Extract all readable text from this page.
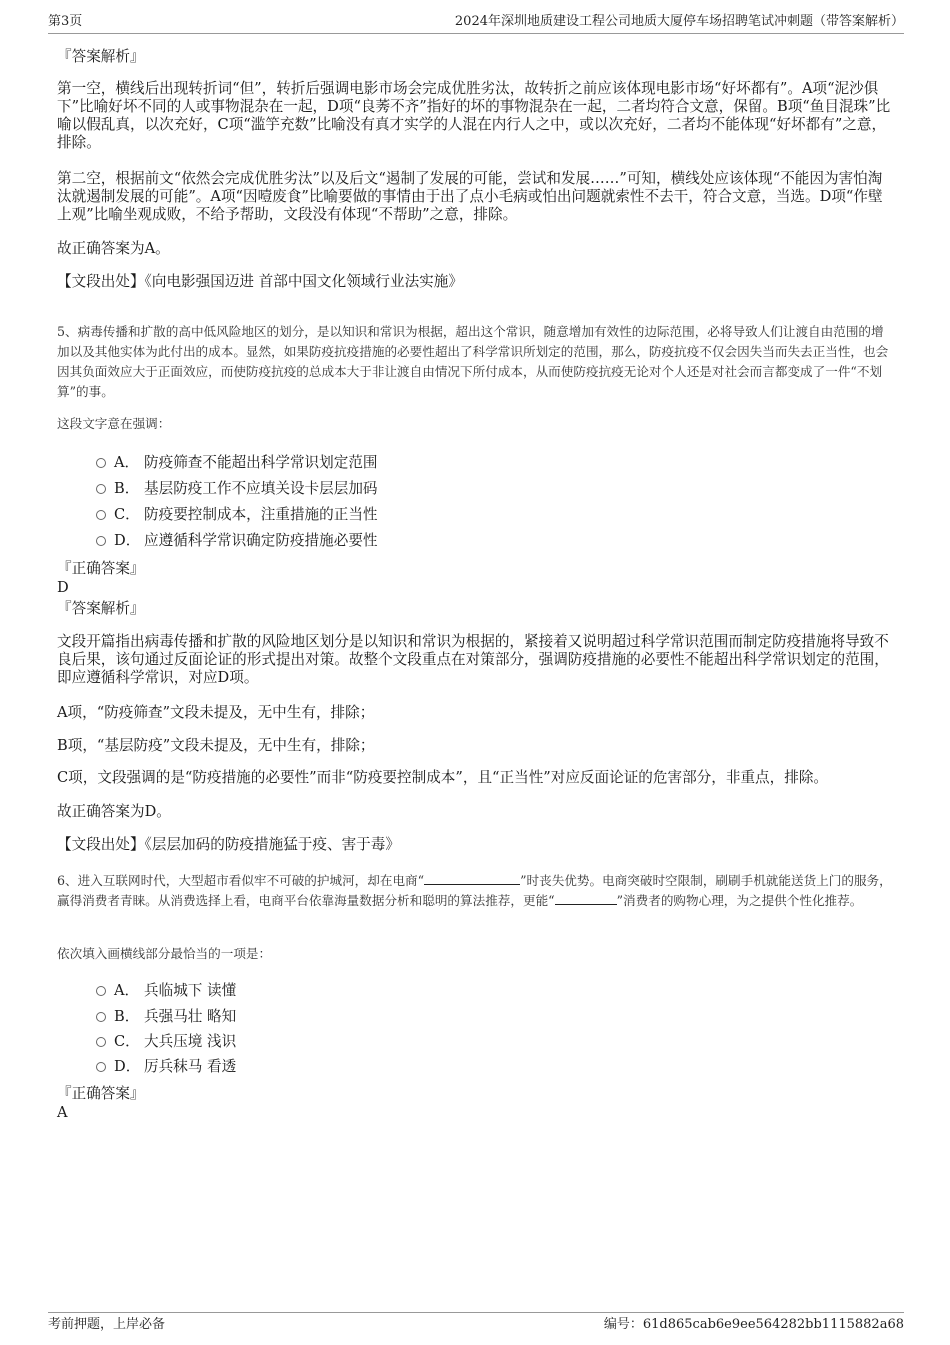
第3页	2024年深圳地质建设工程公司地质大厦停车场招聘笔试冲刺题（带答案解析）
『答案解析』
第一空，横线后出现转折词“但”，转折后强调电影市场会完成优胜劣汰，故转折之前应该体现电影市场“好坏都有”。A项“泥沙俱下”比喻好坏不同的人或事物混杂在一起，D项“良莠不齐”指好的坏的事物混杂在一起，二者均符合文意，保留。B项“鱼目混珠”比喻以假乱真，以次充好，C项“滥竽充数”比喻没有真才实学的人混在内行人之中，或以次充好，二者均不能体现“好坏都有”之意，排除。
第二空，根据前文“依然会完成优胜劣汰”以及后文“遏制了发展的可能，尝试和发展……”可知，横线处应该体现“不能因为害怕淘汰就遏制发展的可能”。A项“因噎废食”比喻要做的事情由于出了点小毛病或怕出问题就索性不去干，符合文意，当选。D项“作壁上观”比喻坐观成败，不给予帮助，文段没有体现“不帮助”之意，排除。
故正确答案为A。
【文段出处】《向电影强国迈进 首部中国文化领域行业法实施》
5、病毒传播和扩散的高中低风险地区的划分，是以知识和常识为根据，超出这个常识，随意增加有效性的边际范围，必将导致人们让渡自由范围的增加以及其他实体为此付出的成本。显然，如果防疫抗疫措施的必要性超出了科学常识所划定的范围，那么，防疫抗疫不仅会因失当而失去正当性，也会因其负面效应大于正面效应，而使防疫抗疫的总成本大于非让渡自由情况下所付成本，从而使防疫抗疫无论对个人还是对社会而言都变成了一件“不划算”的事。
这段文字意在强调：
A． 防疫筛查不能超出科学常识划定范围
B． 基层防疫工作不应填关设卡层层加码
C． 防疫要控制成本，注重措施的正当性
D． 应遵循科学常识确定防疫措施必要性
『正确答案』
D
『答案解析』
文段开篇指出病毒传播和扩散的风险地区划分是以知识和常识为根据的，紧接着又说明超过科学常识范围而制定防疫措施将导致不良后果，该句通过反面论证的形式提出对策。故整个文段重点在对策部分，强调防疫措施的必要性不能超出科学常识划定的范围，即应遵循科学常识，对应D项。
A项，“防疫筛查”文段未提及，无中生有，排除；
B项，“基层防疫”文段未提及，无中生有，排除；
C项，文段强调的是“防疫措施的必要性”而非“防疫要控制成本”，且“正当性”对应反面论证的危害部分，非重点，排除。
故正确答案为D。
【文段出处】《层层加码的防疫措施猛于疫、害于毒》
6、进入互联网时代，大型超市看似牢不可破的护城河，却在电商“	”时丧失优势。电商突破时空限制，刷刷手机就能送货上门的服务，赢得消费者青睐。从消费选择上看，电商平台依靠海量数据分析和聪明的算法推荐，更能“	”消费者的购物心理，为之提供个性化推荐。
依次填入画横线部分最恰当的一项是：
A． 兵临城下 读懂
B． 兵强马壮 略知
C． 大兵压境 浅识
D． 厉兵秣马 看透
『正确答案』
A
考前押题，上岸必备	编号：61d865cab6e9ee564282bb1115882a68
